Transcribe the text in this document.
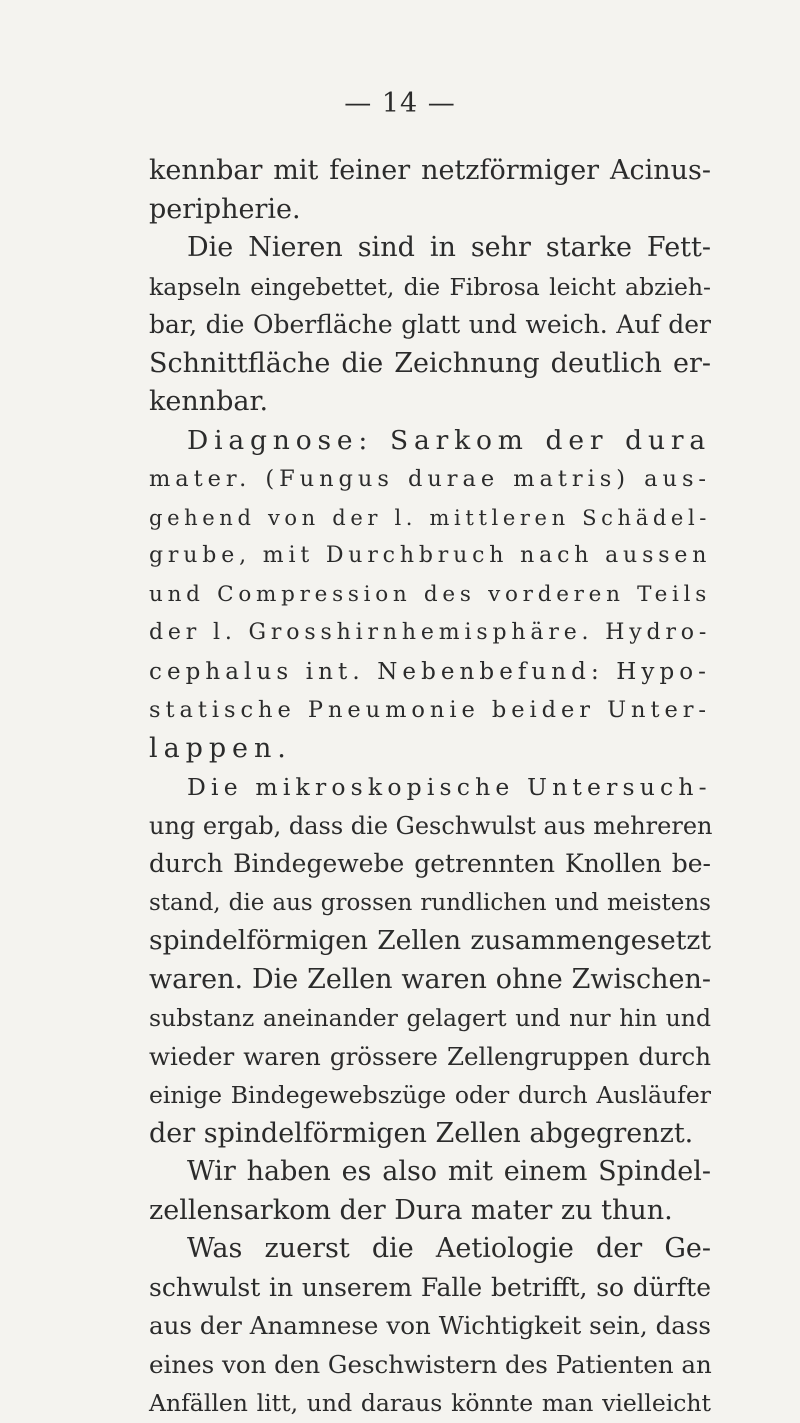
— 14 —
kennbar mit feiner netzförmiger Acinus-
peripherie.
Die Nieren sind in sehr starke Fett-
kapseln eingebettet, die Fibrosa leicht abzieh-
bar, die Oberfläche glatt und weich. Auf der
Schnittfläche die Zeichnung deutlich er-
kennbar.
Diagnose: Sarkom der dura
mater. (Fungus durae matris) aus-
gehend von der l. mittleren Schädel-
grube, mit Durchbruch nach aussen
und Compression des vorderen Teils
der l. Grosshirnhemisphäre. Hydro-
cephalus int. Nebenbefund: Hypo-
statische Pneumonie beider Unter-
lappen.
Die mikroskopische Untersuch-
ung ergab, dass die Geschwulst aus mehreren
durch Bindegewebe getrennten Knollen be-
stand, die aus grossen rundlichen und meistens
spindelförmigen Zellen zusammengesetzt
waren. Die Zellen waren ohne Zwischen-
substanz aneinander gelagert und nur hin und
wieder waren grössere Zellengruppen durch
einige Bindegewebszüge oder durch Ausläufer
der spindelförmigen Zellen abgegrenzt.
Wir haben es also mit einem Spindel-
zellensarkom der Dura mater zu thun.
Was zuerst die Aetiologie der Ge-
schwulst in unserem Falle betrifft, so dürfte
aus der Anamnese von Wichtigkeit sein, dass
eines von den Geschwistern des Patienten an
Anfällen litt, und daraus könnte man vielleicht
